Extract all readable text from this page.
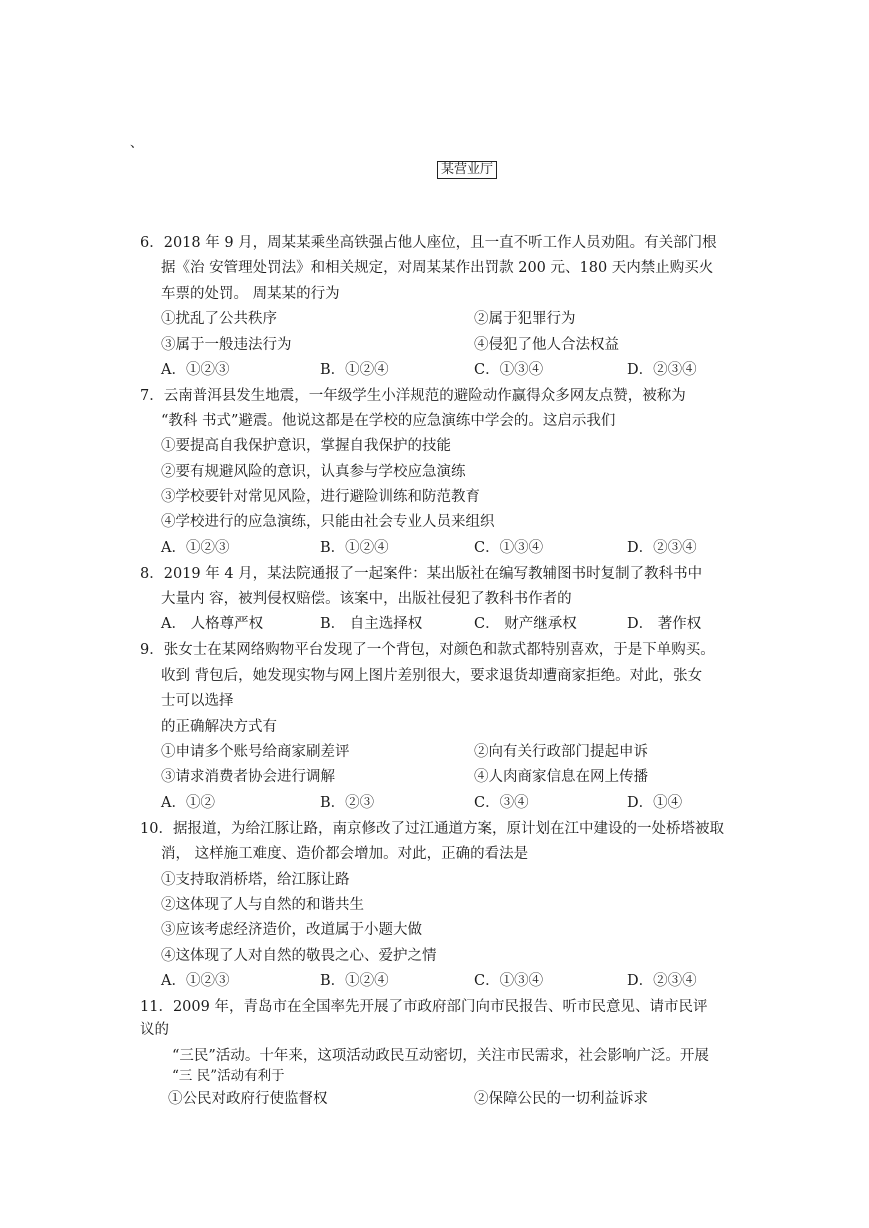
、
某营业厅
6．2018 年 9 月，周某某乘坐高铁强占他人座位，且一直不听工作人员劝阻。有关部门根
据《治 安管理处罚法》和相关规定，对周某某作出罚款 200 元、180 天内禁止购买火
车票的处罚。 周某某的行为
①扰乱了公共秩序	②属于犯罪行为
③属于一般违法行为	④侵犯了他人合法权益
A．①②③	B．①②④	C．①③④	D．②③④
7．云南普洱县发生地震，一年级学生小洋规范的避险动作赢得众多网友点赞，被称为
“教科 书式”避震。他说这都是在学校的应急演练中学会的。这启示我们
①要提高自我保护意识，掌握自我保护的技能
②要有规避风险的意识，认真参与学校应急演练
③学校要针对常见风险，进行避险训练和防范教育
④学校进行的应急演练，只能由社会专业人员来组织
A．①②③	B．①②④	C．①③④	D．②③④
8．2019 年 4 月，某法院通报了一起案件：某出版社在编写教辅图书时复制了教科书中
大量内 容，被判侵权赔偿。该案中，出版社侵犯了教科书作者的
A． 人格尊严权	B． 自主选择权	C． 财产继承权	D． 著作权
9．张女士在某网络购物平台发现了一个背包，对颜色和款式都特别喜欢，于是下单购买。
收到 背包后，她发现实物与网上图片差别很大，要求退货却遭商家拒绝。对此，张女
士可以选择
的正确解决方式有
①申请多个账号给商家刷差评	②向有关行政部门提起申诉
③请求消费者协会进行调解	④人肉商家信息在网上传播
A．①②	B．②③	C．③④	D．①④
10．据报道，为给江豚让路，南京修改了过江通道方案，原计划在江中建设的一处桥塔被取
消， 这样施工难度、造价都会增加。对此，正确的看法是
①支持取消桥塔，给江豚让路
②这体现了人与自然的和谐共生
③应该考虑经济造价，改道属于小题大做
④这体现了人对自然的敬畏之心、爱护之情
A．①②③	B．①②④	C．①③④	D．②③④
11．2009 年，青岛市在全国率先开展了市政府部门向市民报告、听市民意见、请市民评
议的
“三民”活动。十年来，这项活动政民互动密切，关注市民需求，社会影响广泛。开展
“三 民”活动有利于
①公民对政府行使监督权	②保障公民的一切利益诉求
